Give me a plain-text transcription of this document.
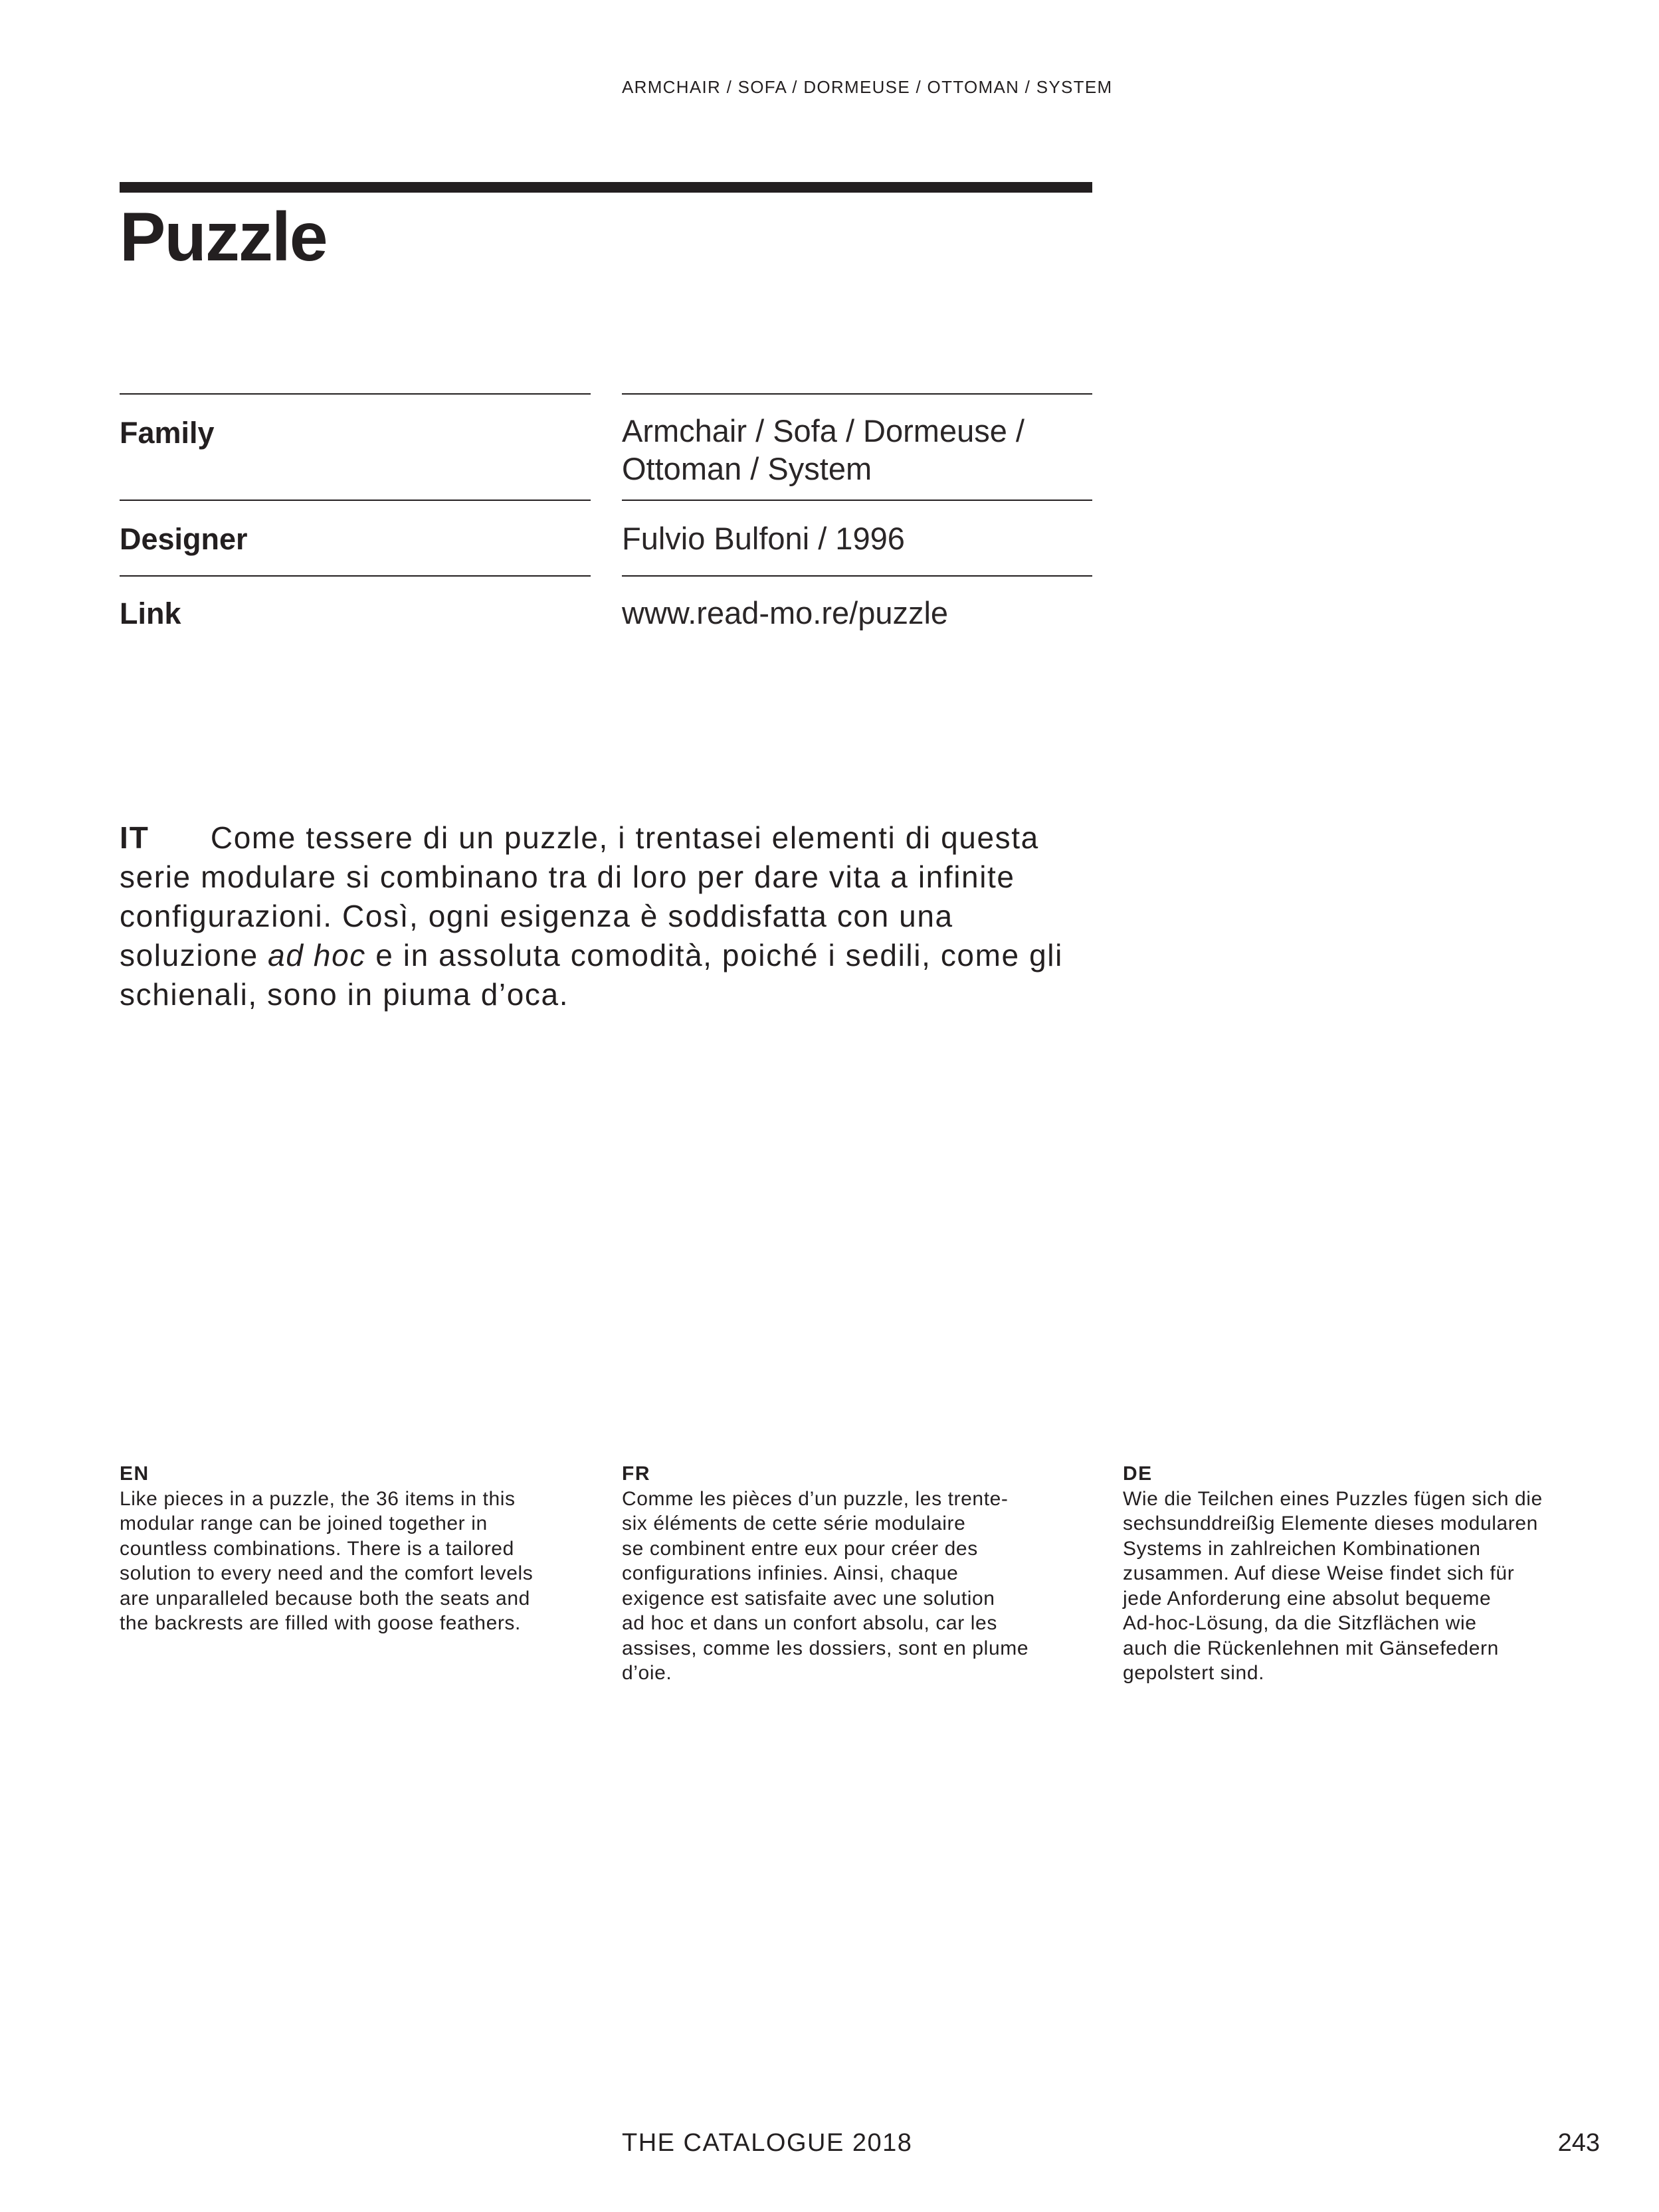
ARMCHAIR / SOFA / DORMEUSE / OTTOMAN / SYSTEM
Puzzle
Family	Armchair / Sofa / Dormeuse /
Ottoman / System
Designer	Fulvio Bulfoni / 1996
Link	www.read-mo.re/puzzle

IT Come tessere di un puzzle, i trentasei elementi di questa serie modulare si combinano tra di loro per dare vita a infinite configurazioni. Così, ogni esigenza è soddisfatta con una soluzione ad hoc e in assoluta comodità, poiché i sedili, come gli schienali, sono in piuma d’oca.

EN
Like pieces in a puzzle, the 36 items in this
modular range can be joined together in
countless combinations. There is a tailored
solution to every need and the comfort levels
are unparalleled because both the seats and
the backrests are filled with goose feathers.
FR
Comme les pièces d’un puzzle, les trente-
six éléments de cette série modulaire
se combinent entre eux pour créer des
configurations infinies. Ainsi, chaque
exigence est satisfaite avec une solution
ad hoc et dans un confort absolu, car les
assises, comme les dossiers, sont en plume
d’oie.
DE
Wie die Teilchen eines Puzzles fügen sich die
sechsunddreißig Elemente dieses modularen
Systems in zahlreichen Kombinationen
zusammen. Auf diese Weise findet sich für
jede Anforderung eine absolut bequeme
Ad-hoc-Lösung, da die Sitzflächen wie
auch die Rückenlehnen mit Gänsefedern
gepolstert sind.
THE CATALOGUE 2018	243
